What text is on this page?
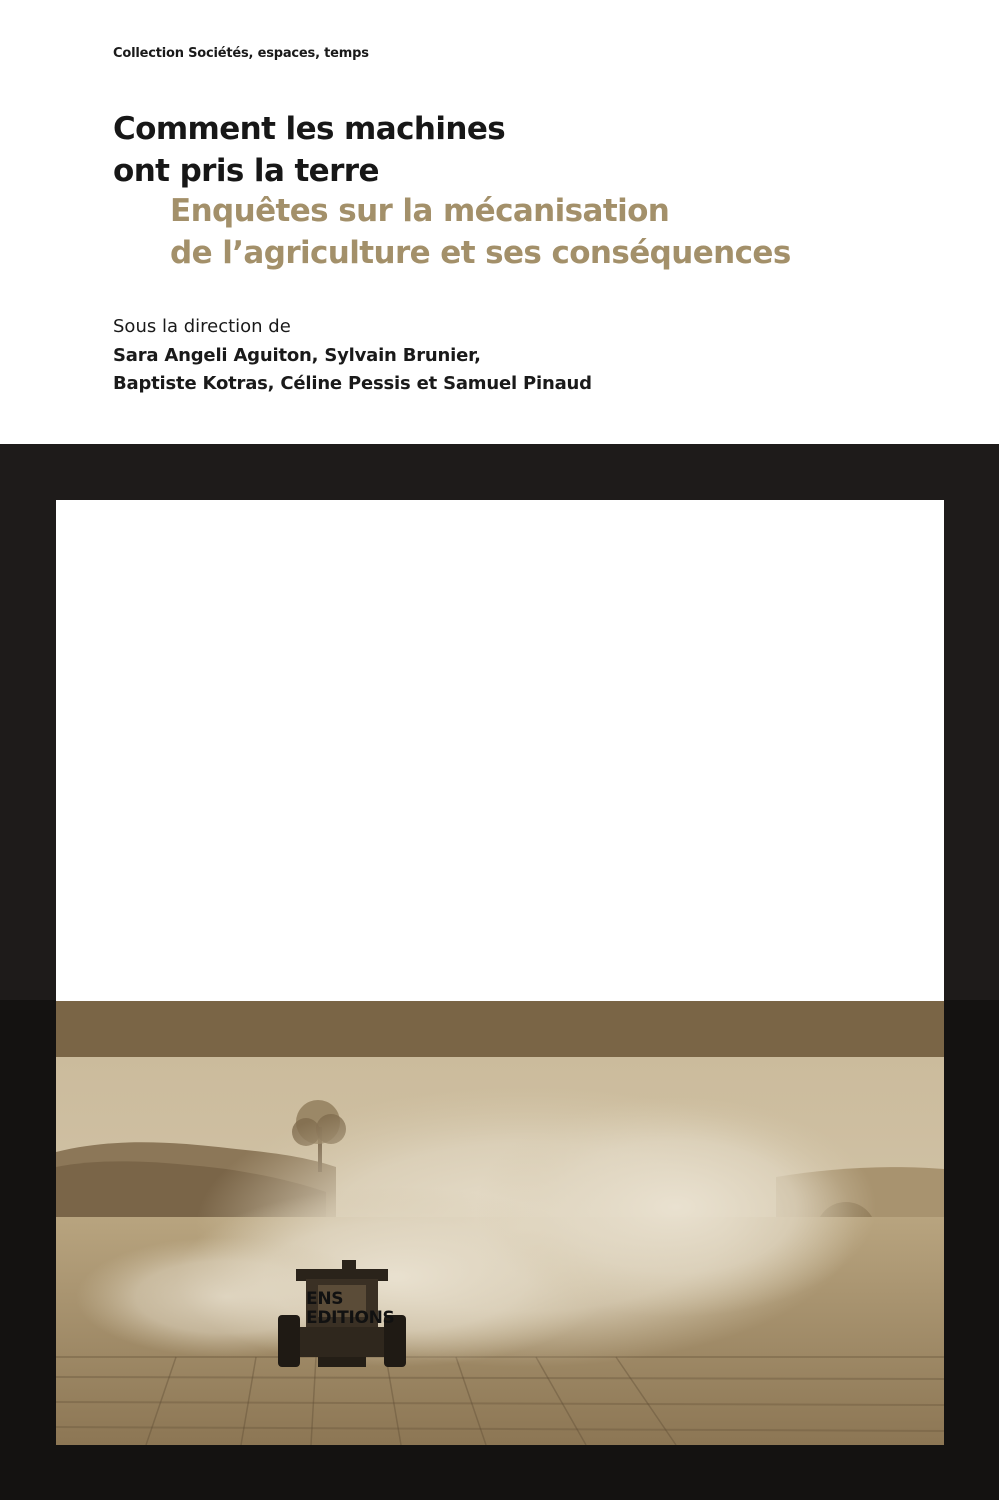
Collection Sociétés, espaces, temps
Comment les machines
ont pris la terre
Enquêtes sur la mécanisation
de l’agriculture et ses conséquences
Sous la direction de
Sara Angeli Aguiton, Sylvain Brunier,
Baptiste Kotras, Céline Pessis et Samuel Pinaud
ENS
EDITIONS
